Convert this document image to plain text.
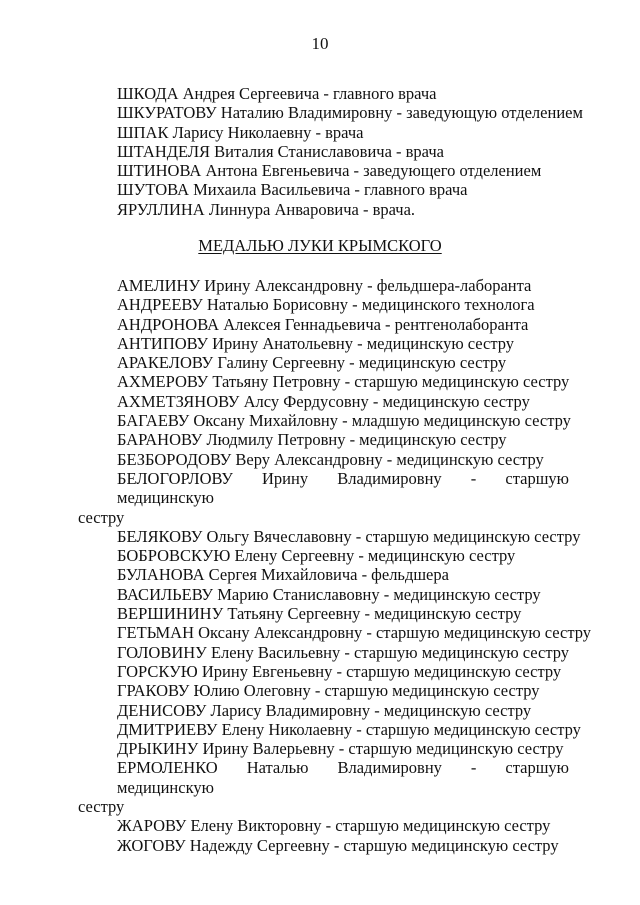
10
ШКОДА Андрея Сергеевича - главного врача
ШКУРАТОВУ Наталию Владимировну - заведующую отделением
ШПАК Ларису Николаевну - врача
ШТАНДЕЛЯ Виталия Станиславовича - врача
ШТИНОВА Антона Евгеньевича - заведующего отделением
ШУТОВА Михаила Васильевича - главного врача
ЯРУЛЛИНА Линнура Анваровича - врача.
МЕДАЛЬЮ ЛУКИ КРЫМСКОГО
АМЕЛИНУ Ирину Александровну - фельдшера-лаборанта
АНДРЕЕВУ Наталью Борисовну - медицинского технолога
АНДРОНОВА Алексея Геннадьевича - рентгенолаборанта
АНТИПОВУ Ирину Анатольевну - медицинскую сестру
АРАКЕЛОВУ Галину Сергеевну - медицинскую сестру
АХМЕРОВУ Татьяну Петровну - старшую медицинскую сестру
АХМЕТЗЯНОВУ Алсу Фердусовну - медицинскую сестру
БАГАЕВУ Оксану Михайловну - младшую медицинскую сестру
БАРАНОВУ Людмилу Петровну - медицинскую сестру
БЕЗБОРОДОВУ Веру Александровну - медицинскую сестру
БЕЛОГОРЛОВУ Ирину Владимировну - старшую медицинскую
сестру
БЕЛЯКОВУ Ольгу Вячеславовну - старшую медицинскую сестру
БОБРОВСКУЮ Елену Сергеевну - медицинскую сестру
БУЛАНОВА Сергея Михайловича - фельдшера
ВАСИЛЬЕВУ Марию Станиславовну - медицинскую сестру
ВЕРШИНИНУ Татьяну Сергеевну - медицинскую сестру
ГЕТЬМАН Оксану Александровну - старшую медицинскую сестру
ГОЛОВИНУ Елену Васильевну - старшую медицинскую сестру
ГОРСКУЮ Ирину Евгеньевну - старшую медицинскую сестру
ГРАКОВУ Юлию Олеговну - старшую медицинскую сестру
ДЕНИСОВУ Ларису Владимировну - медицинскую сестру
ДМИТРИЕВУ Елену Николаевну - старшую медицинскую сестру
ДРЫКИНУ Ирину Валерьевну - старшую медицинскую сестру
ЕРМОЛЕНКО Наталью Владимировну - старшую медицинскую
сестру
ЖАРОВУ Елену Викторовну - старшую медицинскую сестру
ЖОГОВУ Надежду Сергеевну - старшую медицинскую сестру
